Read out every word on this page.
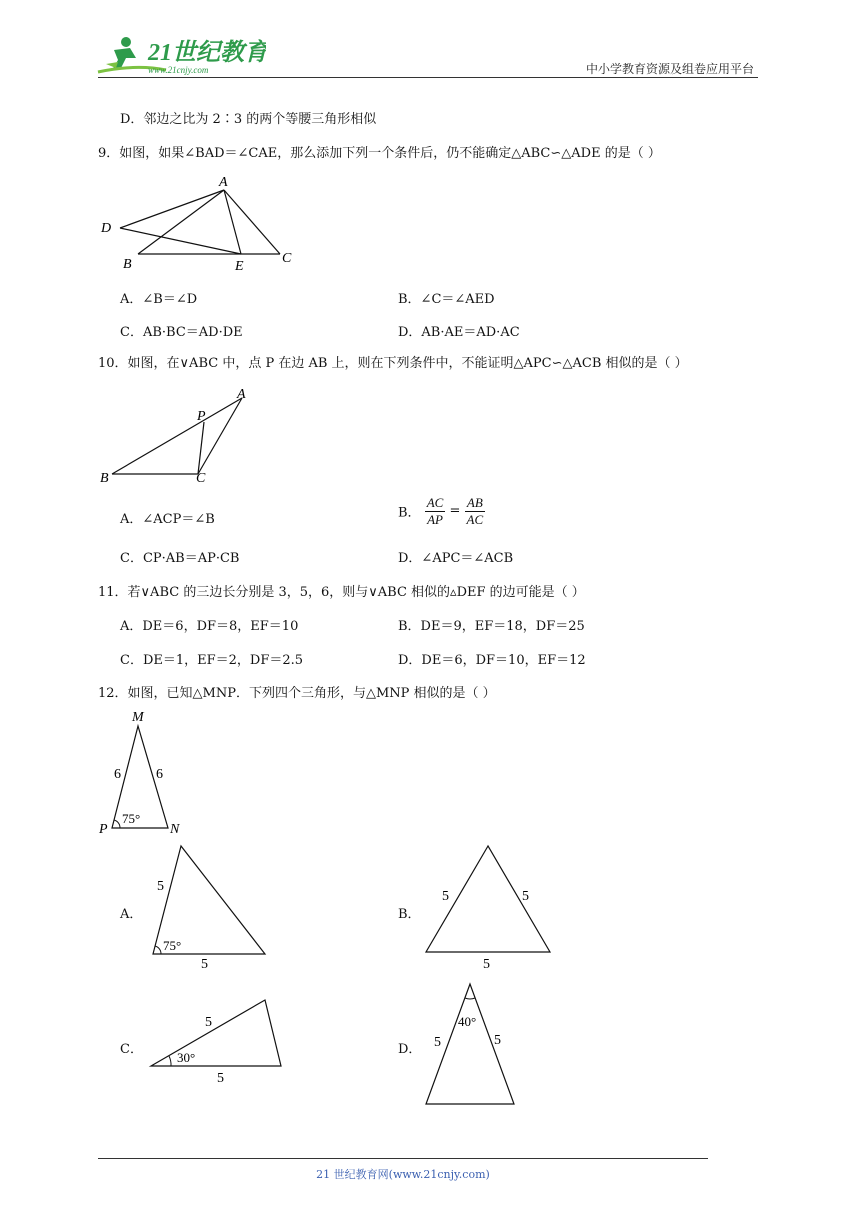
21世纪教育
www.21cnjy.com	中小学教育资源及组卷应用平台
D．邻边之比为 2∶3 的两个等腰三角形相似
9．如图，如果∠BAD＝∠CAE，那么添加下列一个条件后，仍不能确定△ABC∽△ADE 的是（ ）
A
D
B	E
C
A．∠B＝∠D	B．∠C＝∠AED
C．AB·BC＝AD·DE	D．AB·AE＝AD·AC
10．如图，在∨ABC 中，点 P 在边 AB 上，则在下列条件中，不能证明△APC∽△ACB 相似的是（ ）
A
P
B	C
A．∠ACP＝∠B	B． $\frac{AC}{AP} = \frac{AB}{AC}$
C．CP·AB＝AP·CB	D．∠APC＝∠ACB
11．若∨ABC 的三边长分别是 3，5，6，则与∨ABC 相似的▵DEF 的边可能是（ ）
A．DE＝6，DF＝8，EF＝10	B．DE＝9，EF＝18，DF＝25
C．DE＝1，EF＝2，DF＝2.5	D．DE＝6，DF＝10，EF＝12
12．如图，已知△MNP．下列四个三角形，与△MNP 相似的是（ ）
M
P	N
6	6
75°
A．
5
5
75°
B．
5	5
5
C．
5
5
30°
D． 5	5
40°
21 世纪教育网(www.21cnjy.com)
